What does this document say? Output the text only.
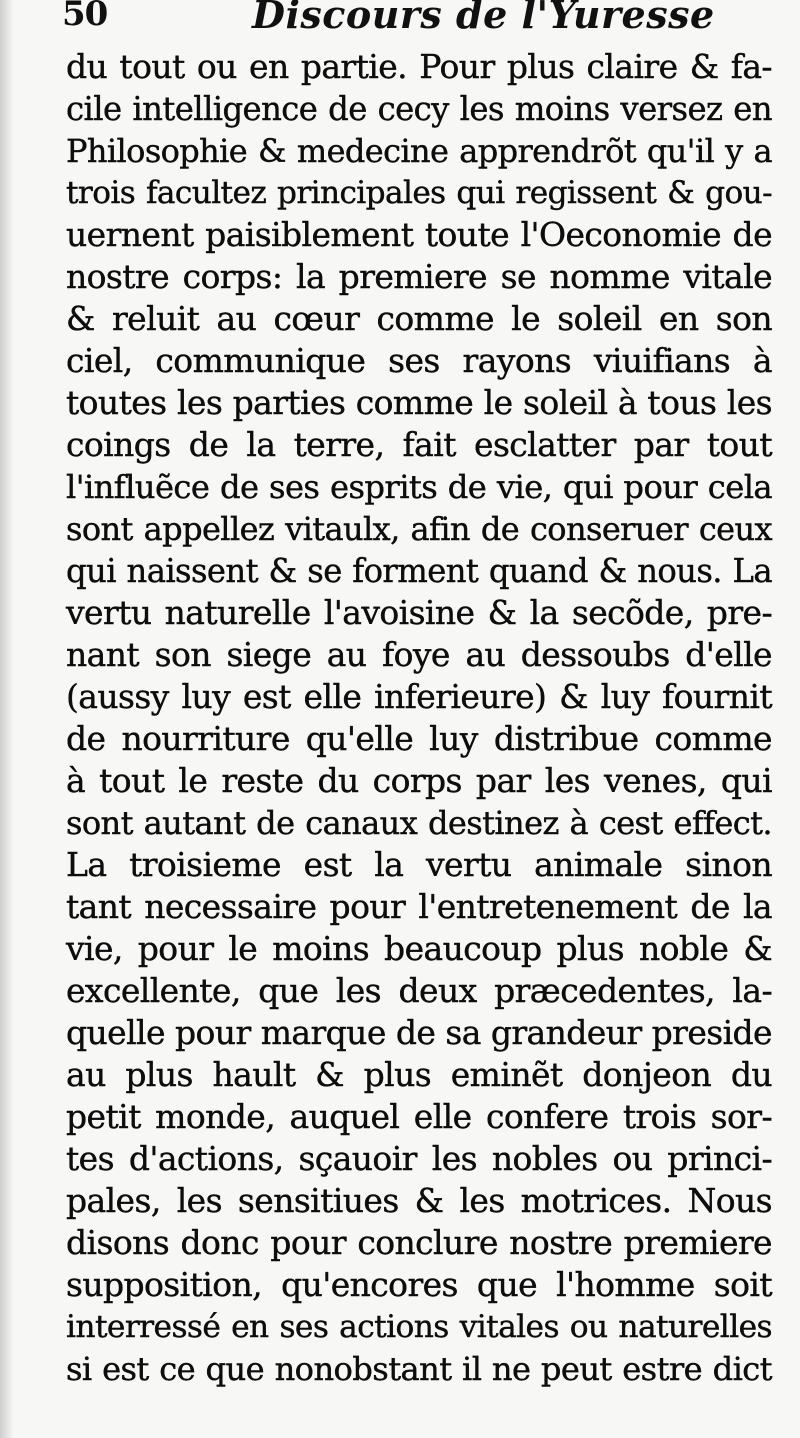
50	Discours de l'Yuresse
du tout ou en partie. Pour plus claire & fa-
cile intelligence de cecy les moins versez en
Philosophie & medecine apprendrõt qu'il y a
trois facultez principales qui regissent & gou-
uernent paisiblement toute l'Oeconomie de
nostre corps: la premiere se nomme vitale
& reluit au cœur comme le soleil en son
ciel, communique ses rayons viuifians à
toutes les parties comme le soleil à tous les
coings de la terre, fait esclatter par tout
l'influẽce de ses esprits de vie, qui pour cela
sont appellez vitaulx, afin de conseruer ceux
qui naissent & se forment quand & nous. La
vertu naturelle l'avoisine & la secõde, pre-
nant son siege au foye au dessoubs d'elle
(aussy luy est elle inferieure) & luy fournit
de nourriture qu'elle luy distribue comme
à tout le reste du corps par les venes, qui
sont autant de canaux destinez à cest effect.
La troisieme est la vertu animale sinon
tant necessaire pour l'entretenement de la
vie, pour le moins beaucoup plus noble &
excellente, que les deux præcedentes, la-
quelle pour marque de sa grandeur preside
au plus hault & plus eminẽt donjeon du
petit monde, auquel elle confere trois sor-
tes d'actions, sçauoir les nobles ou princi-
pales, les sensitiues & les motrices. Nous
disons donc pour conclure nostre premiere
supposition, qu'encores que l'homme soit
interressé en ses actions vitales ou naturelles
si est ce que nonobstant il ne peut estre dict
